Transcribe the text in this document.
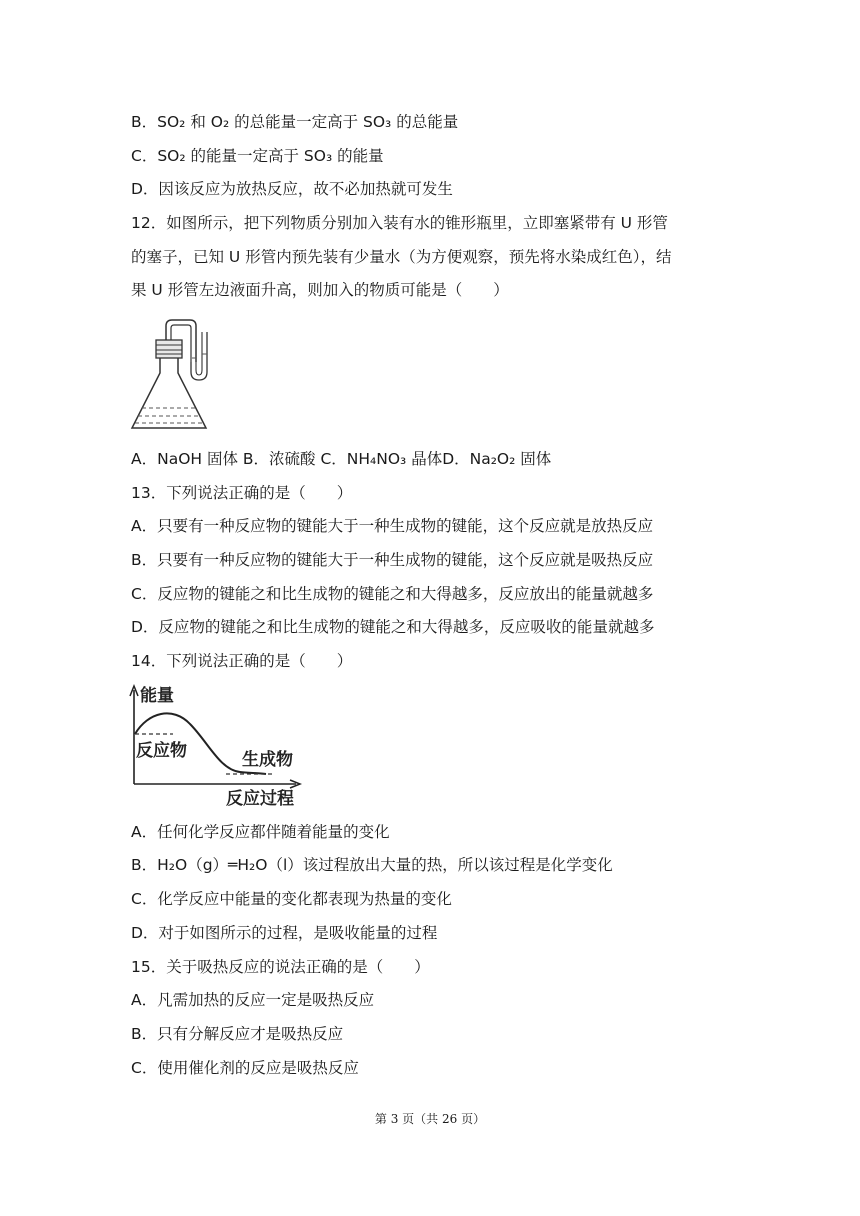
B．SO₂ 和 O₂ 的总能量一定高于 SO₃ 的总能量
C．SO₂ 的能量一定高于 SO₃ 的能量
D．因该反应为放热反应，故不必加热就可发生
12．如图所示，把下列物质分别加入装有水的锥形瓶里，立即塞紧带有 U 形管
的塞子，已知 U 形管内预先装有少量水（为方便观察，预先将水染成红色），结
果 U 形管左边液面升高，则加入的物质可能是（　　）
A．NaOH 固体 B．浓硫酸 C．NH₄NO₃ 晶体D．Na₂O₂ 固体
13．下列说法正确的是（　　）
A．只要有一种反应物的键能大于一种生成物的键能，这个反应就是放热反应
B．只要有一种反应物的键能大于一种生成物的键能，这个反应就是吸热反应
C．反应物的键能之和比生成物的键能之和大得越多，反应放出的能量就越多
D．反应物的键能之和比生成物的键能之和大得越多，反应吸收的能量就越多
14．下列说法正确的是（　　）
能量
反应物	生成物
反应过程
A．任何化学反应都伴随着能量的变化
B．H₂O（g）═H₂O（l）该过程放出大量的热，所以该过程是化学变化
C．化学反应中能量的变化都表现为热量的变化
D．对于如图所示的过程，是吸收能量的过程
15．关于吸热反应的说法正确的是（　　）
A．凡需加热的反应一定是吸热反应
B．只有分解反应才是吸热反应
C．使用催化剂的反应是吸热反应
第 3 页（共 26 页）
